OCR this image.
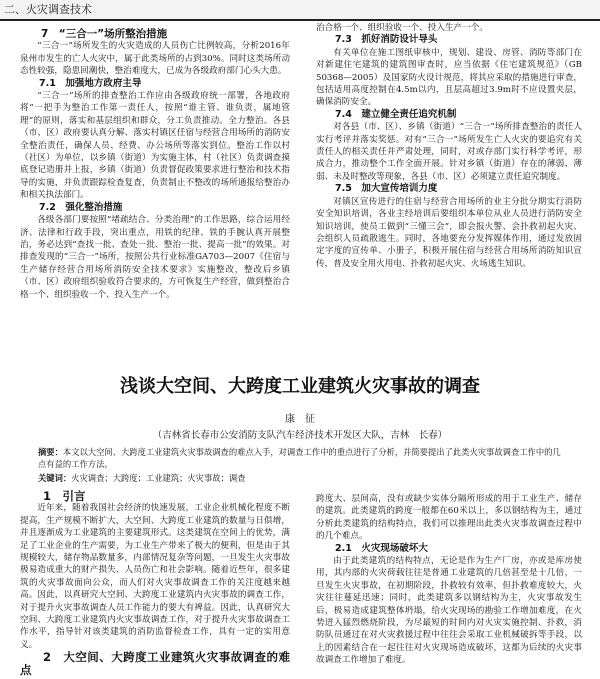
二、火灾调查技术

7　“三合一”场所整治措施

“三合一”场所发生的火灾造成的人员伤亡比例较高，分析2016年泉州市发生的亡人火灾中，属于此类场所的占到30%。同时这类场所动态性较强，隐患回潮快，整治难度大，已成为各级政府部门心头大患。

7.1　加强地方政府主导

“三合一”场所的排查整治工作应由各级政府统一部署，各地政府将“一把手为整治工作第一责任人，按照“谁主管、谁负责，属地管理”的原则，落实和基层组织和群众，分工负责推动。全力整治。各县（市、区）政府要认真分解、落实村镇区任宿与经营合用场所的消防安全整治责任，确保人员、经费、办公场所等落实到位。整治工作以村（社区）为单位，以乡镇（街道）为实施主体，村（社区）负责调查摸底登记造册并上报，乡镇（街道）负责督促政策要求进行整治和技术指导的实施，并负责跟踪检查复查，负责制止不整改的场所通报给整治办和相关执法部门。

7.2　强化整治措施

各级各部门要按照“堵疏结合、分类治理”的工作思路，综合运用经济、法律和行政手段，突出重点，用铁的纪律、铁的手腕认真开展整治，务必达到“查找一批、查处一批、整治一批、提高一批”的效果。对排查发现的“三合一”场所，按照公共行业标准GA703—2007《住宿与生产储存经营合用场所消防安全技术要求》实施整改，整改后乡镇（市、区）政府组织验收符合要求的，方可恢复生产经营，做到整治合格一个、组织验收一个、投入生产一个。

治合格一个、组织验收一个、投入生产一个。

7.3　抓好消防设计导头

有关单位在施工图纸审核中，规划、建设、房管、消防等部门在对新建住宅建筑的建筑图审查时，应当依据《住宅建筑规范》（GB 50368—2005）及国家防火设计规范，将其应采取的措施进行审查，包括适用高度控制在4.5m以内，且层高超过3.9m时不应设置夹层，确保消防安全。

7.4　建立健全责任追究机制

对各县（市、区）、乡镇（街道）“三合一”场所排查整治的责任人实行考评并落实奖惩。对有“三合一”场所发生亡人火灾的要追究有关责任人的相关责任并严肃处理，同时，对或存部门实行科学考评，形成合力，推动整个工作全面开展。针对乡镇（街道）存在的薄弱、薄弱、未及时整改等现象，各县（市、区）必须建立责任追究制度。

7.5　加大宣传培训力度

对镇区宣传进行的住宿与经营合用场所的业主分批分期实行消防安全知识培训，各业主经培训后要组织本单位从业人员进行消防安全知识培训，使员工做到“三懂三会”，即会报火警、会扑救初起火灾、会组织人员疏散逃生。同时，各地要充分发挥媒体作用，通过发放固定字度的宣传单、小册子，积极开展住宿与经营合用场所消防知识宣传，普及安全用火用电、扑救初起火灾、火场逃生知识。

浅谈大空间、大跨度工业建筑火灾事故的调查
康　征
（吉林省长春市公安消防支队汽车经济技术开发区大队，吉林　长春）
摘要：本文以大空间、大跨度工业建筑火灾事故调查的难点入手，对调查工作中的重点进行了分析，并简要提出了此类火灾事故调查工作中的几点有益的工作方法。
关键词：火灾调查；大跨度；工业建筑；火灾事故；调查

1　引言

近年来，随着我国社会经济的快速发展，工业企业机械化程度不断提高，生产规模不断扩大，大空间、大跨度工业建筑的数量与日俱增，并且逐渐成为工业建筑的主要建筑形式。这类建筑在空间上的优势，满足了工业企业的生产需要，为工业生产带来了极大的便利，但是由于其规模较大，储存物品数量多，内部情况复杂等问题，一旦发生火灾事故极易造成重大的财产损失、人员伤亡和社会影响。随着近些年，很多建筑的火灾事故面向公众，而人们对火灾事故调查工作的关注度越来越高。因此，以真研究大空间、大跨度工业建筑内火灾事故的调查工作，对于提升火灾事故调查人员工作能力的要大有裨益。因此，认真研究大空间、大跨度工业建筑内火灾事故调查工作，对于提升火灾事故调查工作水平，指导针对该类建筑的消防监督检查工作，具有一定的实用意义。

2　大空间、大跨度工业建筑火灾事故调查的难点

跨度大、层间高，没有或缺少实体分隔所形成的用于工业生产、储存的建筑。此类建筑的跨度一般都在60米以上，多以钢结构为主，通过分析此类建筑的结构特点，我们可以推理出此类火灾事故调查过程中的几个难点。

2.1　火灾现场破坏大

由于此类建筑的结构特点，无论是作为生产厂房，亦或是库房使用，其内部的火灾荷载往往是普通工业建筑的几倍甚至是十几倍，一旦发生火灾事故，在初期阶段，扑救较有效率，但扑救难度较大，火灾往往蔓延迅速；同时，此类建筑多以钢结构为主，火灾事故发生后，极易造成建筑整体坍塌，给火灾现场的勘验工作增加难度，在火势进入猛烈燃烧阶段，为尽最短的时间内对火灾实施控制、扑救，消防队员通过在对火灾救援过程中往往会采取工业机械破拆等手段，以上的因素结合在一起往往对火灾现场造成破坏，这都为后续的火灾事故调查工作增加了难度。
